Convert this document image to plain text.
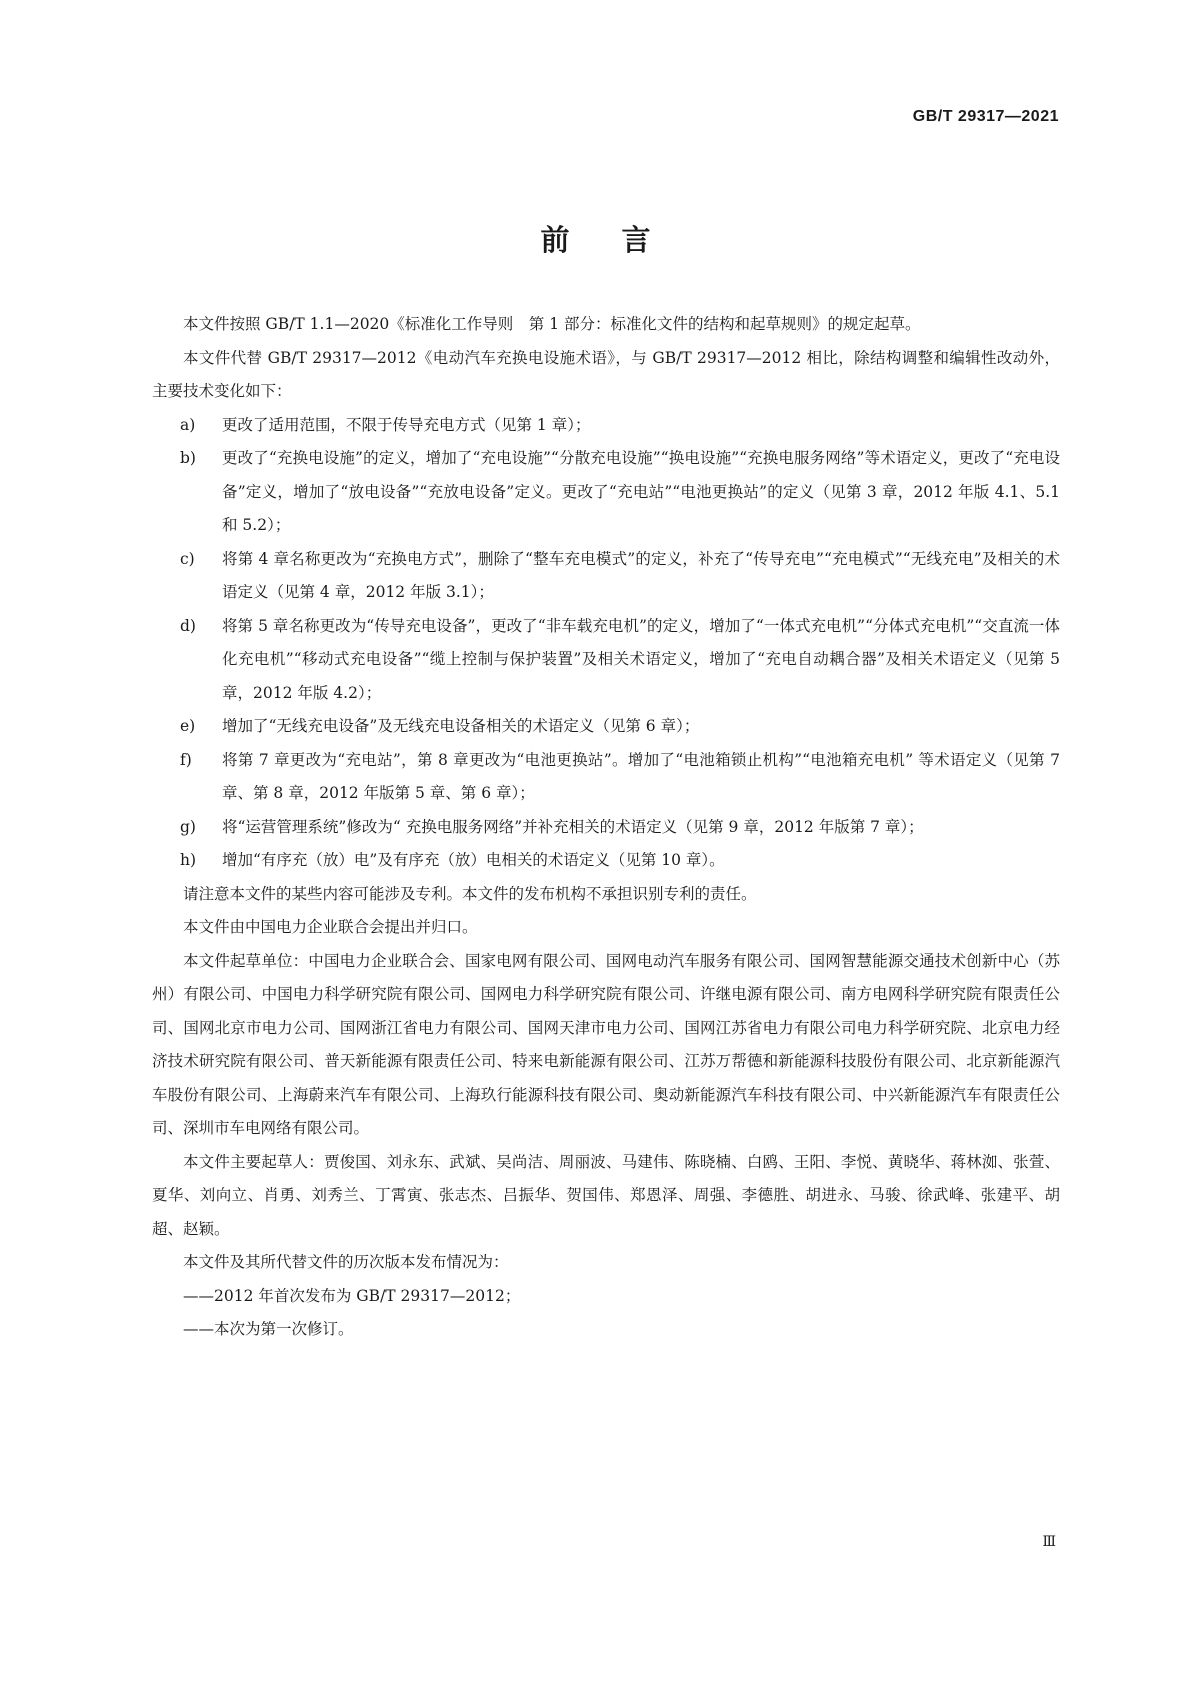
GB/T 29317—2021
前言

本文件按照 GB/T 1.1—2020《标准化工作导则　第 1 部分：标准化文件的结构和起草规则》的规定起草。

本文件代替 GB/T 29317—2012《电动汽车充换电设施术语》，与 GB/T 29317—2012 相比，除结构调整和编辑性改动外，主要技术变化如下：

a)	更改了适用范围，不限于传导充电方式（见第 1 章）；
b)	更改了“充换电设施”的定义，增加了“充电设施”“分散充电设施”“换电设施”“充换电服务网络”等术语定义，更改了“充电设备”定义，增加了“放电设备”“充放电设备”定义。更改了“充电站”“电池更换站”的定义（见第 3 章，2012 年版 4.1、5.1 和 5.2）；
c)	将第 4 章名称更改为“充换电方式”，删除了“整车充电模式”的定义，补充了“传导充电”“充电模式”“无线充电”及相关的术语定义（见第 4 章，2012 年版 3.1）；
d)	将第 5 章名称更改为“传导充电设备”，更改了“非车载充电机”的定义，增加了“一体式充电机”“分体式充电机”“交直流一体化充电机”“移动式充电设备”“缆上控制与保护装置”及相关术语定义，增加了“充电自动耦合器”及相关术语定义（见第 5 章，2012 年版 4.2）；
e)	增加了“无线充电设备”及无线充电设备相关的术语定义（见第 6 章）；
f)	将第 7 章更改为“充电站”，第 8 章更改为“电池更换站”。增加了“电池箱锁止机构”“电池箱充电机” 等术语定义（见第 7 章、第 8 章，2012 年版第 5 章、第 6 章）；
g)	将“运营管理系统”修改为“ 充换电服务网络”并补充相关的术语定义（见第 9 章，2012 年版第 7 章）；
h)	增加“有序充（放）电”及有序充（放）电相关的术语定义（见第 10 章）。

请注意本文件的某些内容可能涉及专利。本文件的发布机构不承担识别专利的责任。

本文件由中国电力企业联合会提出并归口。

本文件起草单位：中国电力企业联合会、国家电网有限公司、国网电动汽车服务有限公司、国网智慧能源交通技术创新中心（苏州）有限公司、中国电力科学研究院有限公司、国网电力科学研究院有限公司、许继电源有限公司、南方电网科学研究院有限责任公司、国网北京市电力公司、国网浙江省电力有限公司、国网天津市电力公司、国网江苏省电力有限公司电力科学研究院、北京电力经济技术研究院有限公司、普天新能源有限责任公司、特来电新能源有限公司、江苏万帮德和新能源科技股份有限公司、北京新能源汽车股份有限公司、上海蔚来汽车有限公司、上海玖行能源科技有限公司、奥动新能源汽车科技有限公司、中兴新能源汽车有限责任公司、深圳市车电网络有限公司。

本文件主要起草人：贾俊国、刘永东、武斌、吴尚洁、周丽波、马建伟、陈晓楠、白鸥、王阳、李悦、黄晓华、蒋林洳、张萱、夏华、刘向立、肖勇、刘秀兰、丁霄寅、张志杰、吕振华、贺国伟、郑恩泽、周强、李德胜、胡进永、马骏、徐武峰、张建平、胡超、赵颖。

本文件及其所代替文件的历次版本发布情况为：

——2012 年首次发布为 GB/T 29317—2012；

——本次为第一次修订。

Ⅲ
